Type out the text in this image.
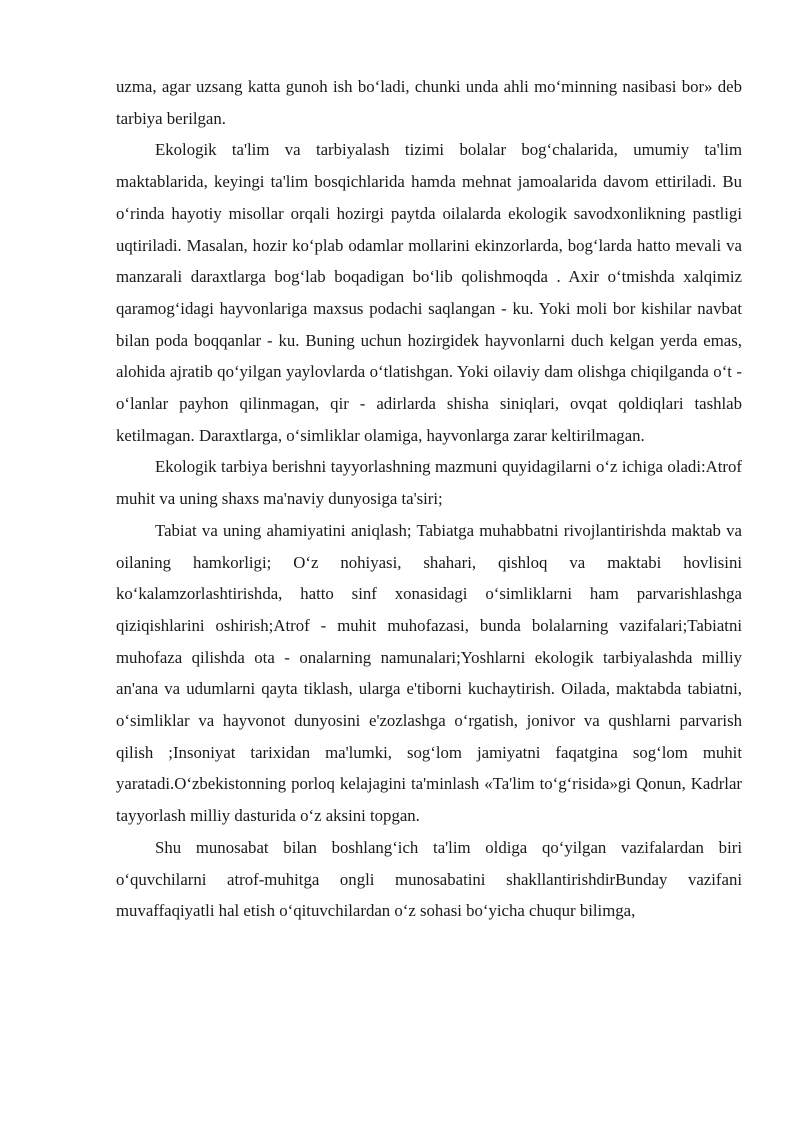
uzma, agar uzsang katta gunoh ish bo‘ladi, chunki unda ahli mo‘minning nasibasi bor» deb tarbiya berilgan.

Ekologik ta'lim va tarbiyalash tizimi bolalar bog‘chalarida, umumiy ta'lim maktablarida, keyingi ta'lim bosqichlarida hamda mehnat jamoalarida davom ettiriladi. Bu o‘rinda hayotiy misollar orqali hozirgi paytda oilalarda ekologik savodxonlikning pastligi uqtiriladi. Masalan, hozir ko‘plab odamlar mollarini ekinzorlarda, bog‘larda hatto mevali va manzarali daraxtlarga bog‘lab boqadigan bo‘lib qolishmoqda . Axir o‘tmishda xalqimiz qaramog‘idagi hayvonlariga maxsus podachi saqlangan - ku. Yoki moli bor kishilar navbat bilan poda boqqanlar - ku. Buning uchun hozirgidek hayvonlarni duch kelgan yerda emas, alohida ajratib qo‘yilgan yaylovlarda o‘tlatishgan. Yoki oilaviy dam olishga chiqilganda o‘t - o‘lanlar payhon qilinmagan, qir - adirlarda shisha siniqlari, ovqat qoldiqlari tashlab ketilmagan. Daraxtlarga, o‘simliklar olamiga, hayvonlarga zarar keltirilmagan.

Ekologik tarbiya berishni tayyorlashning mazmuni quyidagilarni o‘z ichiga oladi:Atrof muhit va uning shaxs ma'naviy dunyosiga ta'siri;

Tabiat va uning ahamiyatini aniqlash; Tabiatga muhabbatni rivojlantirishda maktab va oilaning hamkorligi; O‘z nohiyasi, shahari, qishloq va maktabi hovlisini ko‘kalamzorlashtirishda, hatto sinf xonasidagi o‘simliklarni ham parvarishlashga qiziqishlarini oshirish;Atrof - muhit muhofazasi, bunda bolalarning vazifalari;Tabiatni muhofaza qilishda ota - onalarning namunalari;Yoshlarni ekologik tarbiyalashda milliy an'ana va udumlarni qayta tiklash, ularga e'tiborni kuchaytirish. Oilada, maktabda tabiatni, o‘simliklar va hayvonot dunyosini e'zozlashga o‘rgatish, jonivor va qushlarni parvarish qilish ;Insoniyat tarixidan ma'lumki, sog‘lom jamiyatni faqatgina sog‘lom muhit yaratadi.O‘zbekistonning porloq kelajagini ta'minlash «Ta'lim to‘g‘risida»gi Qonun, Kadrlar tayyorlash milliy dasturida o‘z aksini topgan.

Shu munosabat bilan boshlang‘ich ta'lim oldiga qo‘yilgan vazifalardan biri o‘quvchilarni atrof-muhitga ongli munosabatini shakllantirishdirBunday vazifani muvaffaqiyatli hal etish o‘qituvchilardan o‘z sohasi bo‘yicha chuqur bilimga,
